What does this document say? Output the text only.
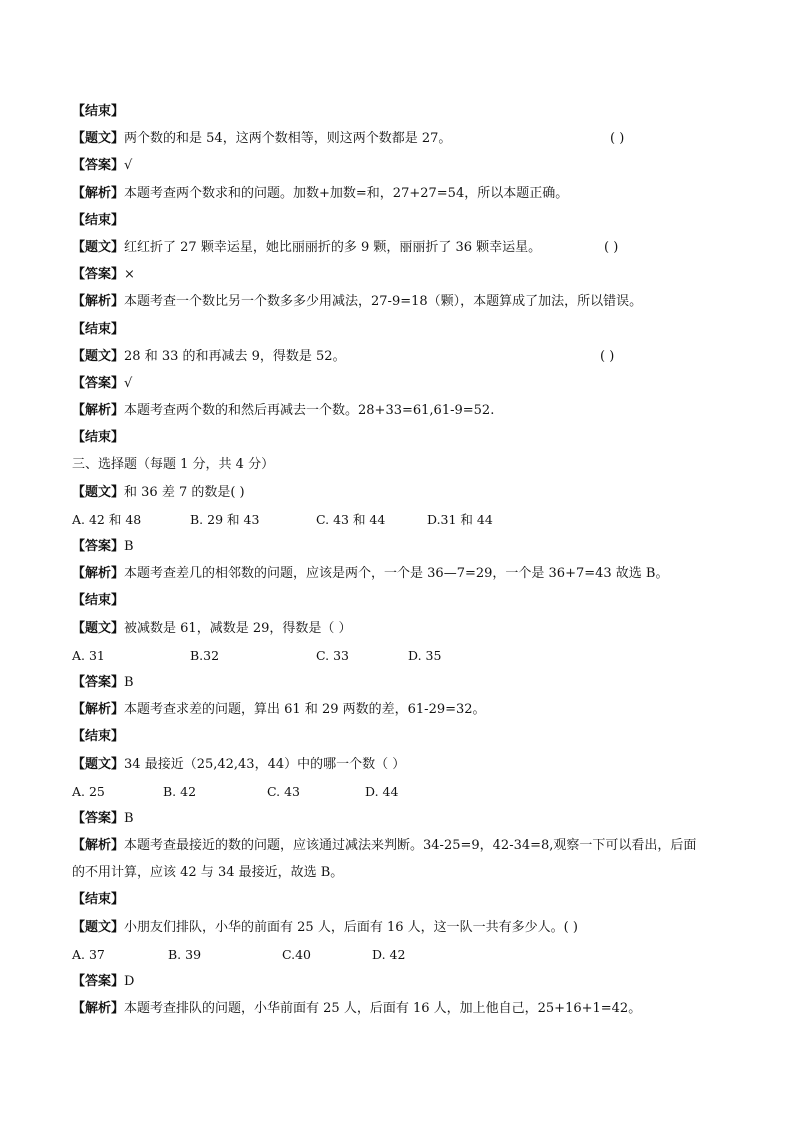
【结束】
【题文】两个数的和是 54，这两个数相等，则这两个数都是 27。	( )
【答案】√
【解析】本题考查两个数求和的问题。加数+加数=和，27+27=54，所以本题正确。
【结束】
【题文】红红折了 27 颗幸运星，她比丽丽折的多 9 颗，丽丽折了 36 颗幸运星。	( )
【答案】×
【解析】本题考查一个数比另一个数多多少用减法，27-9=18（颗），本题算成了加法，所以错误。
【结束】
【题文】28 和 33 的和再减去 9，得数是 52。	( )
【答案】√
【解析】本题考查两个数的和然后再减去一个数。28+33=61,61-9=52.
【结束】
三、选择题（每题 1 分，共 4 分）
【题文】和 36 差 7 的数是( )
A. 42 和 48	B. 29 和 43	C. 43 和 44	D.31 和 44
【答案】B
【解析】本题考查差几的相邻数的问题，应该是两个，一个是 36—7=29，一个是 36+7=43 故选 B。
【结束】
【题文】被减数是 61，减数是 29，得数是（ ）
A. 31	B.32	C. 33	D. 35
【答案】B
【解析】本题考查求差的问题，算出 61 和 29 两数的差，61-29=32。
【结束】
【题文】34 最接近（25,42,43，44）中的哪一个数（ ）
A. 25	B. 42	C. 43	D. 44
【答案】B
【解析】本题考查最接近的数的问题，应该通过减法来判断。34-25=9，42-34=8,观察一下可以看出，后面
的不用计算，应该 42 与 34 最接近，故选 B。
【结束】
【题文】小朋友们排队，小华的前面有 25 人，后面有 16 人，这一队一共有多少人。( )
A. 37	B. 39	C.40	D. 42
【答案】D
【解析】本题考查排队的问题，小华前面有 25 人，后面有 16 人，加上他自己，25+16+1=42。
